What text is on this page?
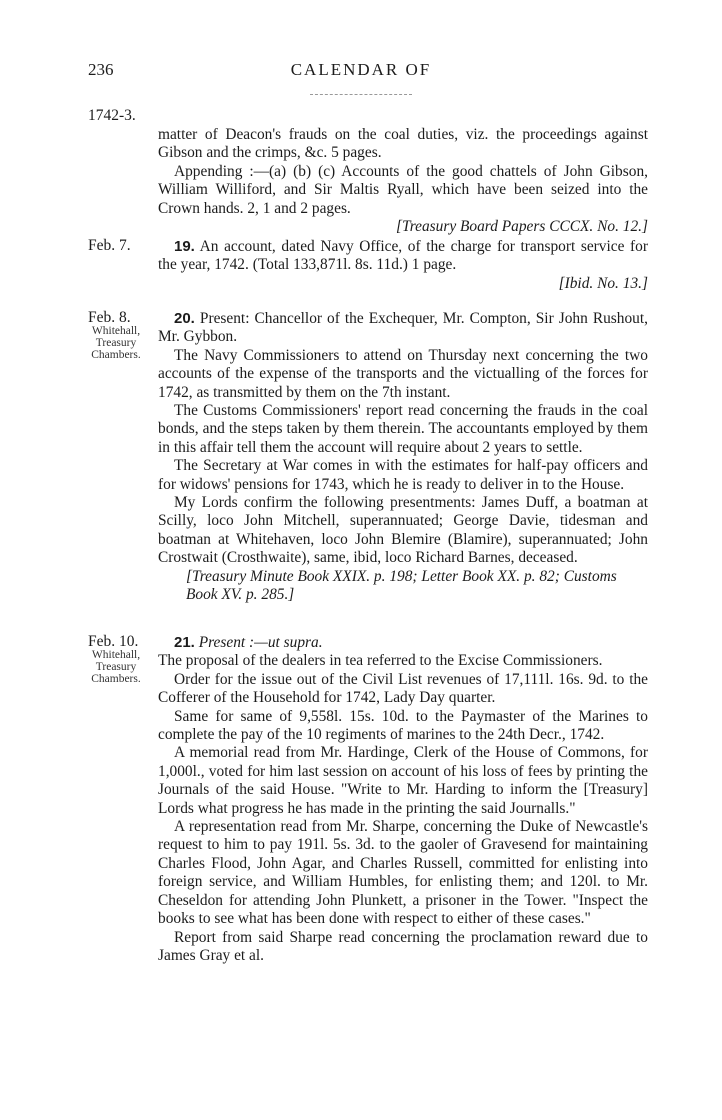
236	CALENDAR OF
1742-3.

matter of Deacon's frauds on the coal duties, viz. the proceedings against Gibson and the crimps, &c. 5 pages.

Appending :—(a) (b) (c) Accounts of the good chattels of John Gibson, William Williford, and Sir Maltis Ryall, which have been seized into the Crown hands. 2, 1 and 2 pages.

[Treasury Board Papers CCCX. No. 12.]

Feb. 7.	19. An account, dated Navy Office, of the charge for transport service for the year, 1742. (Total 133,871l. 8s. 11d.) 1 page.

[Ibid. No. 13.]

Feb. 8.
Whitehall, Treasury Chambers.

20. Present: Chancellor of the Exchequer, Mr. Compton, Sir John Rushout, Mr. Gybbon.

The Navy Commissioners to attend on Thursday next concerning the two accounts of the expense of the transports and the victualling of the forces for 1742, as transmitted by them on the 7th instant.

The Customs Commissioners' report read concerning the frauds in the coal bonds, and the steps taken by them therein. The accountants employed by them in this affair tell them the account will require about 2 years to settle.

The Secretary at War comes in with the estimates for half-pay officers and for widows' pensions for 1743, which he is ready to deliver in to the House.

My Lords confirm the following presentments: James Duff, a boatman at Scilly, loco John Mitchell, superannuated; George Davie, tidesman and boatman at Whitehaven, loco John Blemire (Blamire), superannuated; John Crostwait (Crosthwaite), same, ibid, loco Richard Barnes, deceased.

[Treasury Minute Book XXIX. p. 198; Letter Book XX. p. 82; Customs Book XV. p. 285.]

Feb. 10.
Whitehall, Treasury Chambers.

21. Present :—ut supra.

The proposal of the dealers in tea referred to the Excise Commissioners.

Order for the issue out of the Civil List revenues of 17,111l. 16s. 9d. to the Cofferer of the Household for 1742, Lady Day quarter.

Same for same of 9,558l. 15s. 10d. to the Paymaster of the Marines to complete the pay of the 10 regiments of marines to the 24th Decr., 1742.

A memorial read from Mr. Hardinge, Clerk of the House of Commons, for 1,000l., voted for him last session on account of his loss of fees by printing the Journals of the said House. "Write to Mr. Harding to inform the [Treasury] Lords what progress he has made in the printing the said Journalls."

A representation read from Mr. Sharpe, concerning the Duke of Newcastle's request to him to pay 191l. 5s. 3d. to the gaoler of Gravesend for maintaining Charles Flood, John Agar, and Charles Russell, committed for enlisting into foreign service, and William Humbles, for enlisting them; and 120l. to Mr. Cheseldon for attending John Plunkett, a prisoner in the Tower. "Inspect the books to see what has been done with respect to either of these cases."

Report from said Sharpe read concerning the proclamation reward due to James Gray et al.
